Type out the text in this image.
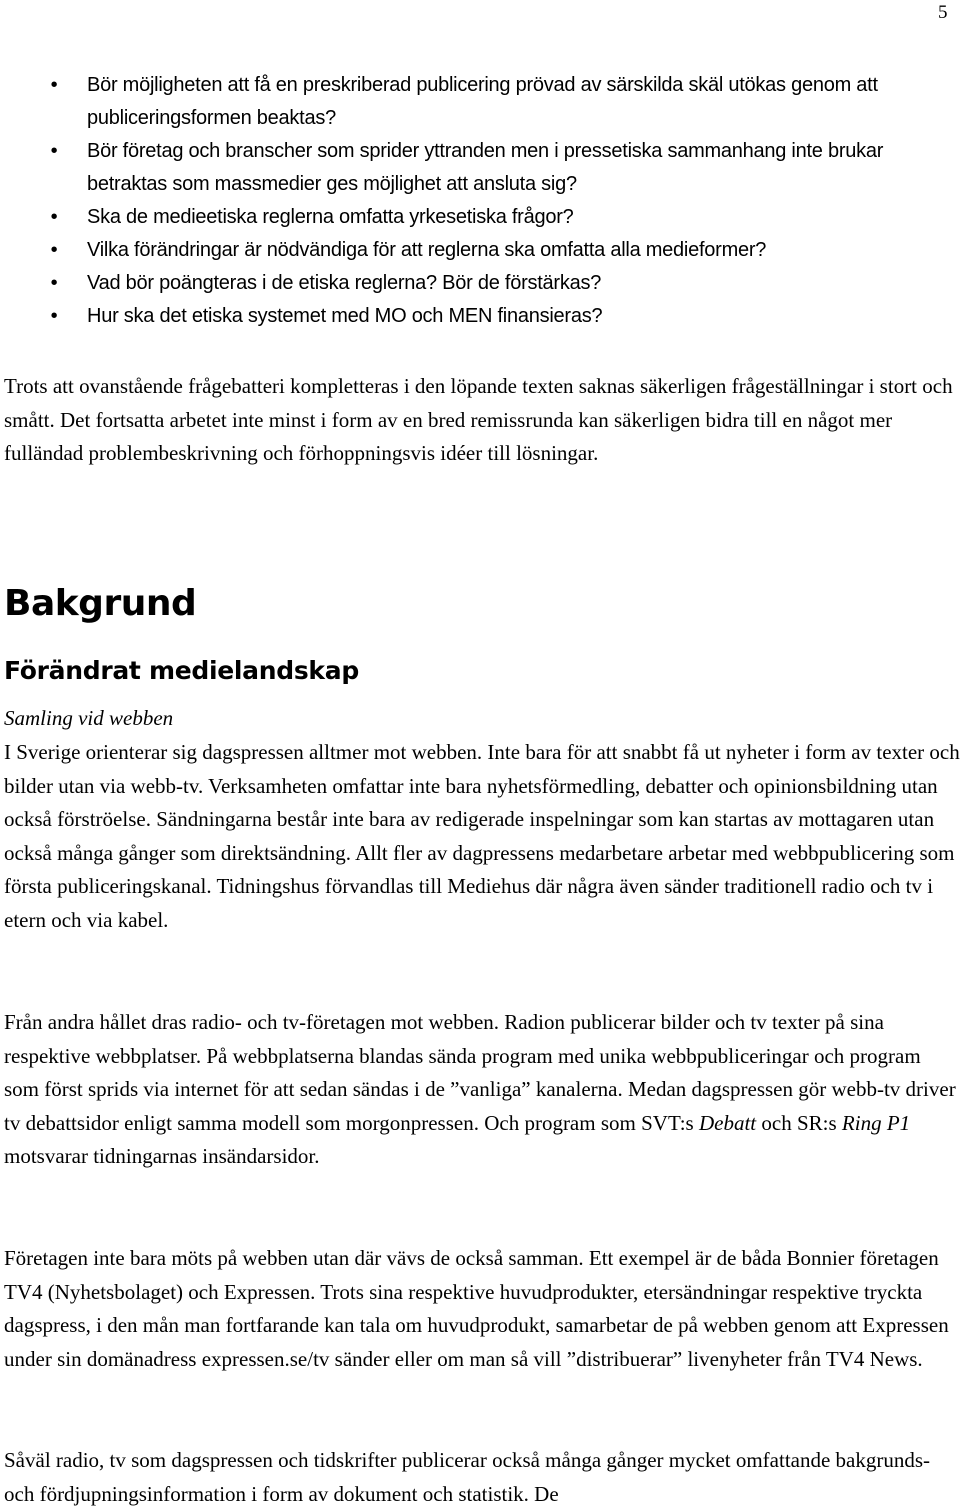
5
• Bör möjligheten att få en preskriberad publicering prövad av särskilda skäl utökas genom att publiceringsformen beaktas?
• Bör företag och branscher som sprider yttranden men i pressetiska sammanhang inte brukar betraktas som massmedier ges möjlighet att ansluta sig?
• Ska de medieetiska reglerna omfatta yrkesetiska frågor?
• Vilka förändringar är nödvändiga för att reglerna ska omfatta alla medieformer?
• Vad bör poängteras i de etiska reglerna? Bör de förstärkas?
• Hur ska det etiska systemet med MO och MEN finansieras?

Trots att ovanstående frågebatteri kompletteras i den löpande texten saknas säkerligen frågeställningar i stort och smått. Det fortsatta arbetet inte minst i form av en bred remissrunda kan säkerligen bidra till en något mer fulländad problembeskrivning och förhoppningsvis idéer till lösningar.

Bakgrund
Förändrat medielandskap
Samling vid webben

I Sverige orienterar sig dagspressen alltmer mot webben. Inte bara för att snabbt få ut nyheter i form av texter och bilder utan via webb-tv. Verksamheten omfattar inte bara nyhetsförmedling, debatter och opinionsbildning utan också förströelse. Sändningarna består inte bara av redigerade inspelningar som kan startas av mottagaren utan också många gånger som direktsändning. Allt fler av dagpressens medarbetare arbetar med webbpublicering som första publiceringskanal. Tidningshus förvandlas till Mediehus där några även sänder traditionell radio och tv i etern och via kabel.

Från andra hållet dras radio- och tv-företagen mot webben. Radion publicerar bilder och tv texter på sina respektive webbplatser. På webbplatserna blandas sända program med unika webbpubliceringar och program som först sprids via internet för att sedan sändas i de ”vanliga” kanalerna. Medan dagspressen gör webb-tv driver tv debattsidor enligt samma modell som morgonpressen. Och program som SVT:s Debatt och SR:s Ring P1 motsvarar tidningarnas insändarsidor.

Företagen inte bara möts på webben utan där vävs de också samman. Ett exempel är de båda Bonnier företagen TV4 (Nyhetsbolaget) och Expressen. Trots sina respektive huvudprodukter, etersändningar respektive tryckta dagspress, i den mån man fortfarande kan tala om huvudprodukt, samarbetar de på webben genom att Expressen under sin domänadress expressen.se/tv sänder eller om man så vill ”distribuerar” livenyheter från TV4 News.

Såväl radio, tv som dagspressen och tidskrifter publicerar också många gånger mycket omfattande bakgrunds- och fördjupningsinformation i form av dokument och statistik. De
